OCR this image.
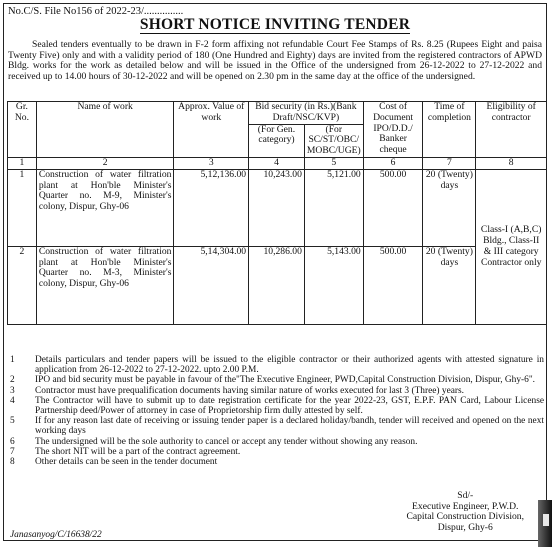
No.C/S. File No156 of 2022-23/...............
SHORT NOTICE INVITING TENDER
Sealed tenders eventually to be drawn in F-2 form affixing not refundable Court Fee Stamps of Rs. 8.25 (Rupees Eight and paisa Twenty Five) only and with a validity period of 180 (One Hundred and Eighty) days are invited from the registered contractors of APWD Bldg. works for the work as detailed below and will be issued in the Office of the undersigned from 26-12-2022 to 27-12-2022 and received up to 14.00 hours of 30-12-2022 and will be opened on 2.30 pm in the same day at the office of the undersigned.
Gr. No.	Name of work	Approx. Value of work	Bid security (in Rs.)(Bank Draft/NSC/KVP)		Cost of Document IPO/D.D./ Banker cheque	Time of completion	Eligibility of contractor
			(For Gen. category)	(For SC/ST/OBC/ MOBC/UGE)			
1	2	3	4	5	6	7	8
1	Construction of water filtration plant at Hon'ble Minister's Quarter no. M-9, Minister's colony, Dispur, Ghy-06	5,12,136.00	10,243.00	5,121.00	500.00	20 (Twenty) days	Class-I (A,B,C) Bldg., Class-II & III category Contractor only
2	Construction of water filtration plant at Hon'ble Minister's Quarter no. M-3, Minister's colony, Dispur, Ghy-06	5,14,304.00	10,286.00	5,143.00	500.00	20 (Twenty) days	
1	Details particulars and tender papers will be issued to the eligible contractor or their authorized agents with attested signature in application from 26-12-2022 to 27-12-2022. upto 2.00 P.M.
2	IPO and bid security must be payable in favour of the"The Executive Engineer, PWD,Capital Construction Division, Dispur, Ghy-6".
3	Contractor must have prequalification documents having similar nature of works executed for last 3 (Three) years.
4	The Contractor will have to submit up to date registration certificate for the year 2022-23, GST, E.P.F. PAN Card, Labour License Partnership deed/Power of attorney in case of Proprietorship firm dully attested by self.
5	If for any reason last date of receiving or issuing tender paper is a declared holiday/bandh, tender will received and opened on the next working days
6	The undersigned will be the sole authority to cancel or accept any tender without showing any reason.
7	The short NIT will be a part of the contract agreement.
8	Other details can be seen in the tender document
Sd/-
Executive Engineer, P.W.D.
Capital Construction Division,
Dispur, Ghy-6
Janasanyog/C/16638/22
